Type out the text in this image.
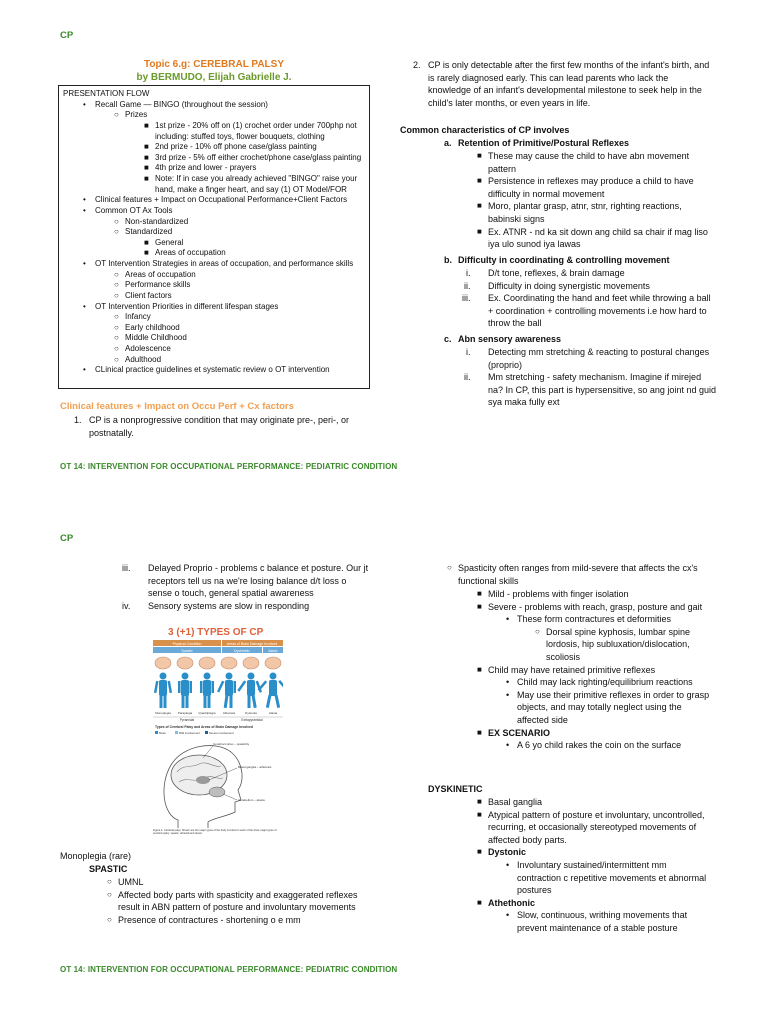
CP
Topic 6.g: CEREBRAL PALSY
by BERMUDO, Elijah Gabrielle J.
PRESENTATION FLOW
• Recall Game — BINGO (throughout the session)
○ Prizes
■ 1st prize - 20% off on (1) crochet order under 700php not including: stuffed toys, flower bouquets, clothing
■ 2nd prize - 10% off phone case/glass painting
■ 3rd prize - 5% off either crochet/phone case/glass painting
■ 4th prize and lower - prayers
■ Note: If in case you already achieved "BINGO" raise your hand, make a finger heart, and say (1) OT Model/FOR
• Clinical features + Impact on Occupational Performance+Client Factors
• Common OT Ax Tools
○ Non-standardized
○ Standardized
■ General
■ Areas of occupation
• OT Intervention Strategies in areas of occupation, and performance skills
○ Areas of occupation
○ Performance skills
○ Client factors
• OT Intervention Priorities in different lifespan stages
○ Infancy
○ Early childhood
○ Middle Childhood
○ Adolescence
○ Adulthood
• CLinical practice guidelines et systematic review o OT intervention
Clinical features + Impact on Occu Perf + Cx factors
1. CP is a nonprogressive condition that may originate pre-, peri-, or postnatally.
OT 14: INTERVENTION FOR OCCUPATIONAL PERFORMANCE: PEDIATRIC CONDITION
2. CP is only detectable after the first few months of the infant's birth, and is rarely diagnosed early. This can lead parents who lack the knowledge of an infant's developmental milestone to seek help in the child's later months, or even years in life.
Common characteristics of CP involves
a. Retention of Primitive/Postural Reflexes
■ These may cause the child to have abn movement pattern
■ Persistence in reflexes may produce a child to have difficulty in normal movement
■ Moro, plantar grasp, atnr, stnr, righting reactions, babinski signs
■ Ex. ATNR - nd ka sit down ang child sa chair if mag liso iya ulo sunod iya lawas
b. Difficulty in coordinating & controlling movement
i. D/t tone, reflexes, & brain damage
ii. Difficulty in doing synergistic movements
iii. Ex. Coordinating the hand and feet while throwing a ball + coordination + controlling movements i.e how hard to throw the ball
c. Abn sensory awareness
i. Detecting mm stretching & reacting to postural changes (proprio)
ii. Mm stretching - safety mechanism. Imagine if mirejed na? In CP, this part is hypersensitive, so ang joint nd guid sya maka fully ext
CP
iii. Delayed Proprio - problems c balance et posture. Our jt receptors tell us na we're losing balance d/t loss o sense o touch, general spatial awareness
iv. Sensory systems are slow in responding
3 (+1) TYPES OF CP
Physical Condition	Areas of Brain Damage Involved
Spastic	Dyskinetic	Ataxic
Monoplegia Paraplegia Quadriplegia Athetosis	Dystonia	Ataxia
Pyramidal	Extrapyramidal
Types of Cerebral Palsy and Areas of Brain Damage Involved
Motor	Mild involvement	Severe involvement
Cerebral cortex – spasticity
Basal ganglia – athetosis
Cerebellum – ataxia
Figure 1: Cerebral palsy. Shown are the major types of the body involved in each of the three major types of cerebral palsy: spastic, athetoid and ataxic.
Monoplegia (rare)
SPASTIC
○ UMNL
○ Affected body parts with spasticity and exaggerated reflexes result in ABN pattern of posture and involuntary movements
○ Presence of contractures - shortening o e mm
OT 14: INTERVENTION FOR OCCUPATIONAL PERFORMANCE: PEDIATRIC CONDITION
○ Spasticity often ranges from mild-severe that affects the cx's functional skills
■ Mild - problems with finger isolation
■ Severe - problems with reach, grasp, posture and gait
• These form contractures et deformities
○ Dorsal spine kyphosis, lumbar spine lordosis, hip subluxation/dislocation, scoliosis
■ Child may have retained primitive reflexes
• Child may lack righting/equilibrium reactions
• May use their primitive reflexes in order to grasp objects, and may totally neglect using the affected side
■ EX SCENARIO
• A 6 yo child rakes the coin on the surface
DYSKINETIC
■ Basal ganglia
■ Atypical pattern of posture et involuntary, uncontrolled, recurring, et occasionally stereotyped movements of affected body parts.
■ Dystonic
• Involuntary sustained/intermittent mm contraction c repetitive movements et abnormal postures
■ Athethonic
• Slow, continuous, writhing movements that prevent maintenance of a stable posture
